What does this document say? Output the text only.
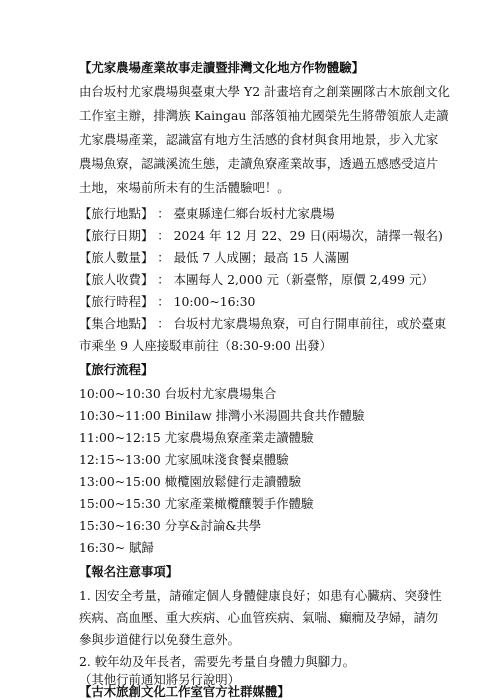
【尤家農場產業故事走讀暨排灣文化地方作物體驗】
由台坂村尤家農場與臺東大學 Y2 計畫培育之創業團隊古木旅創文化
工作室主辦，排灣族 Kaingau 部落領袖尤國榮先生將帶領旅人走讀
尤家農場產業，認識富有地方生活感的食材與食用地景，步入尤家
農場魚寮，認識溪流生態，走讀魚寮產業故事，透過五感感受這片
土地，來場前所未有的生活體驗吧！。
【旅行地點】 ： 臺東縣達仁鄉台坂村尤家農場
【旅行日期】 ： 2024 年 12 月 22、29 日(兩場次，請擇一報名)
【旅人數量】 ： 最低 7 人成團；最高 15 人滿團
【旅人收費】 ： 本團每人 2,000 元（新臺幣，原價 2,499 元）
【旅行時程】 ： 10:00~16:30
【集合地點】 ： 台坂村尤家農場魚寮，可自行開車前往，或於臺東
市乘坐 9 人座接駁車前往（8:30-9:00 出發）
【旅行流程】
10:00~10:30 台坂村尤家農場集合
10:30~11:00 Binilaw 排灣小米湯圓共食共作體驗
11:00~12:15 尤家農場魚寮產業走讀體驗
12:15~13:00 尤家風味淺食餐桌體驗
13:00~15:00 橄欖園放鬆健行走讀體驗
15:00~15:30 尤家產業橄欖釀製手作體驗
15:30~16:30 分享&討論&共學
16:30~ 賦歸
【報名注意事項】
1. 因安全考量，請確定個人身體健康良好；如患有心臟病、突發性
疾病、高血壓、重大疾病、心血管疾病、氣喘、癲癇及孕婦，請勿
參與步道健行以免發生意外。
2. 較年幼及年長者，需要先考量自身體力與腳力。
（其他行前通知將另行說明）
【古木旅創文化工作室官方社群媒體】
